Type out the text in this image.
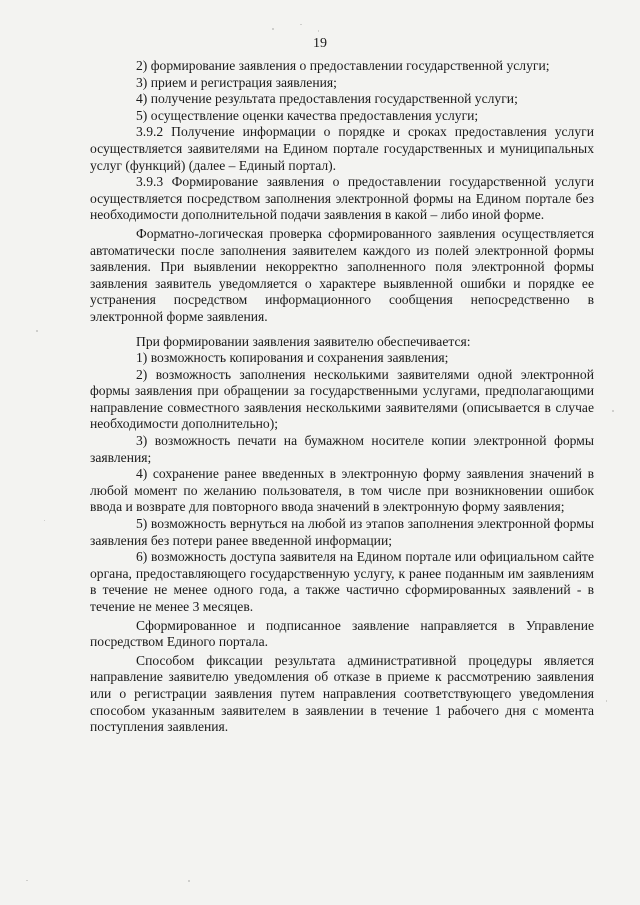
19

2) формирование заявления о предоставлении государственной услуги;

3) прием и регистрация заявления;

4) получение результата предоставления государственной услуги;

5) осуществление оценки качества предоставления услуги;

3.9.2 Получение информации о порядке и сроках предоставления услуги осуществляется заявителями на Едином портале государственных и муниципальных услуг (функций) (далее – Единый портал).

3.9.3 Формирование заявления о предоставлении государственной услуги осуществляется посредством заполнения электронной формы на Едином портале без необходимости дополнительной подачи заявления в какой – либо иной форме.

Форматно-логическая проверка сформированного заявления осуществляется автоматически после заполнения заявителем каждого из полей электронной формы заявления. При выявлении некорректно заполненного поля электронной формы заявления заявитель уведомляется о характере выявленной ошибки и порядке ее устранения посредством информационного сообщения непосредственно в электронной форме заявления.

При формировании заявления заявителю обеспечивается:

1) возможность копирования и сохранения заявления;

2) возможность заполнения несколькими заявителями одной электронной формы заявления при обращении за государственными услугами, предполагающими направление совместного заявления несколькими заявителями (описывается в случае необходимости дополнительно);

3) возможность печати на бумажном носителе копии электронной формы заявления;

4) сохранение ранее введенных в электронную форму заявления значений в любой момент по желанию пользователя, в том числе при возникновении ошибок ввода и возврате для повторного ввода значений в электронную форму заявления;

5) возможность вернуться на любой из этапов заполнения электронной формы заявления без потери ранее введенной информации;

6) возможность доступа заявителя на Едином портале или официальном сайте органа, предоставляющего государственную услугу, к ранее поданным им заявлениям в течение не менее одного года, а также частично сформированных заявлений - в течение не менее 3 месяцев.

Сформированное и подписанное заявление направляется в Управление посредством Единого портала.

Способом фиксации результата административной процедуры является направление заявителю уведомления об отказе в приеме к рассмотрению заявления или о регистрации заявления путем направления соответствующего уведомления способом указанным заявителем в заявлении в течение 1 рабочего дня с момента поступления заявления.
